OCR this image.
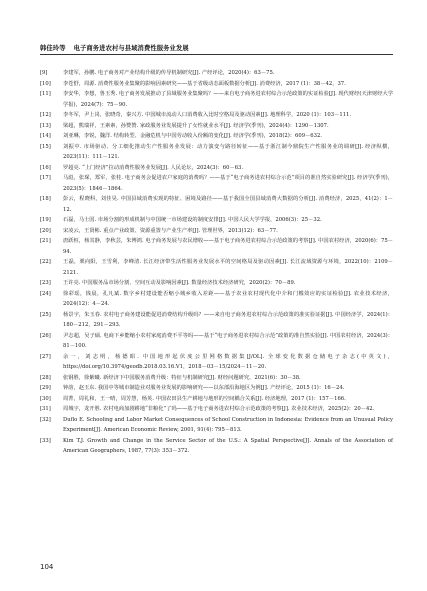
韩佳玲等 电子商务进农村与县域消费性服务业发展
[9]	李建军，孙鹏. 电子商务对产业结构升级的传导机制研究[J]. 产经评论，2020(4)：63－75.
[10]	李苍舒，周源. 消费性服务业集聚的影响因素研究——基于省级动态面板数据分析[J]. 消费经济，2017 (1)：38－42，37.
[11]	李安华，李想，鲁玉秀. 电子商务发展推动了县域服务业集聚吗？——来自电子商务进农村综合示范政策的实证检验[J]. 现代财经(天津财经大学学报)，2024(7)：75－90.
[12]	李冬军，尹上岗，张晓奇，秦兴方. 中国城市流动人口消费收入比时空格局及驱动因素[J]. 地理科学，2020 (1)：103－111.
[13]	梁超，熊瑞祥，王素素，孙赞赞. 家政服务业发展提升了女性就业水平[J]. 经济学(季刊)，2024(4)：1290－1307.
[14]	刘亚琳，李锐，魏洋. 结构转型、金融危机与中国劳动收入份额的变化[J]. 经济学(季刊)，2018(2)：609－632.
[15]	刘振中. 市场驱动、分工细化推动生产性服务业发展：动力演变与路径转征——基于浙江制今鼎院生产性服务业的调研[J]. 经济纵横，2023(11)：111－121.
[16]	罗超亮. “上门经济”拉动消费性服务业发展[J]. 人民论坛，2024(3)：60－63.
[17]	马彪，张琛，郑军，张桂. 电子商务会促进农户家庭的消费吗？——基于“电子商务进农村综合示范”项目的准自然实验研究[J]. 经济学(季刊)，2023(5)：1846－1864.
[18]	彭云，程晓科，刘佳昊. 中国县域消费实现的特征、困境及路径——基于我国全国县域消费大数据的分析[J]. 消费经济，2025，41(2)：1－12.
[19]	石磊，马士国. 市场分割的形成机制与中国统一市场建设的制度安排[J]. 中国人民大学学报，2006(3)：25－32.
[20]	宋凌云，王贤彬. 重点产业政策、资源重置与产业生产率[J]. 管理世界，2013(12)：63－77.
[21]	唐跃桓，杨其静，李秋芸，朱博鸿. 电子商务发展与农民增收——基于电子商务进农村综合示范政策的考察[J]. 中国农村经济，2020(6)：75－94.
[22]	王磊，栗向阳，王雪利，李峰清. 长江经济带生活性服务业发展水平的空间格局及驱动因素[J]. 长江流域资源与环境，2022(10)：2109－2121.
[23]	王许亮. 中国服务品市场分割、空间互动及影响因素[J]. 数量经济技术经济研究，2020(2)：70－89.
[24]	徐彩瑶，钱晨，孔凡斌. 数字乡村建设能否缩小城乡收入差距——基于农业农村现代化中介和门槛效应的实证检验[J]. 农业技术经济，2024(12)：4－24.
[25]	杨景宇，朱玉春. 农村电子商务建设能促进消费结构升级吗？——来自电子商务进农村综合示范政策的准实验证据[J]. 中国经济学，2024(1)：180－212，291－293.
[26]	尹志超，吴子硕. 电商下乡能缩小农村家庭消费不平等吗——基于“电子商务进农村综合示范”政策的准自然实验[J]. 中国农村经济，2024(3)：81－100.
[27]	余一，刘志明，杨德昭. 中国地形起伏度公里网格数据集[J/OL]. 全球变化数据仓储电子杂志(中英文)，https://doi.org/10.3974/geodb.2018.03.16.V1，2018－03－15/2024－11－20.
[28]	张钢胜，徐紫曦. 新经济下中国服务消费升级：特征与机制研究[J]. 财经问题研究，2021(6)：30－38.
[29]	钟韵，赵玉东. 我国中等城市制造业对服务业发展的影响研究——以东部沿海地区为例[J]. 产经评论，2015 (1)：16－24.
[30]	周菁，周礼和，王一晴，周芳慧，杨英. 中国农田县生产耕地与地形的空间耦合关系[J]. 经济地理，2017 (1)：157－166.
[31]	周城宇，龙开胜. 农村电商加剧耕地“非粮化”了吗——基于电子商务进农村综合示范政策的考察[J]. 农业技术经济，2025(2)：20－42.
[32]	Duflo E. Schooling and Labor Market Consequences of School Construction in Indonesia: Evidence from an Unusual Policy Experiment[J]. American Economic Review, 2001, 91(4): 795－813.
[33]	Kim T.J. Growth and Change in the Service Sector of the U.S.: A Spatial Perspective[J]. Annals of the Association of American Geographers, 1987, 77(3): 353－372.
104
